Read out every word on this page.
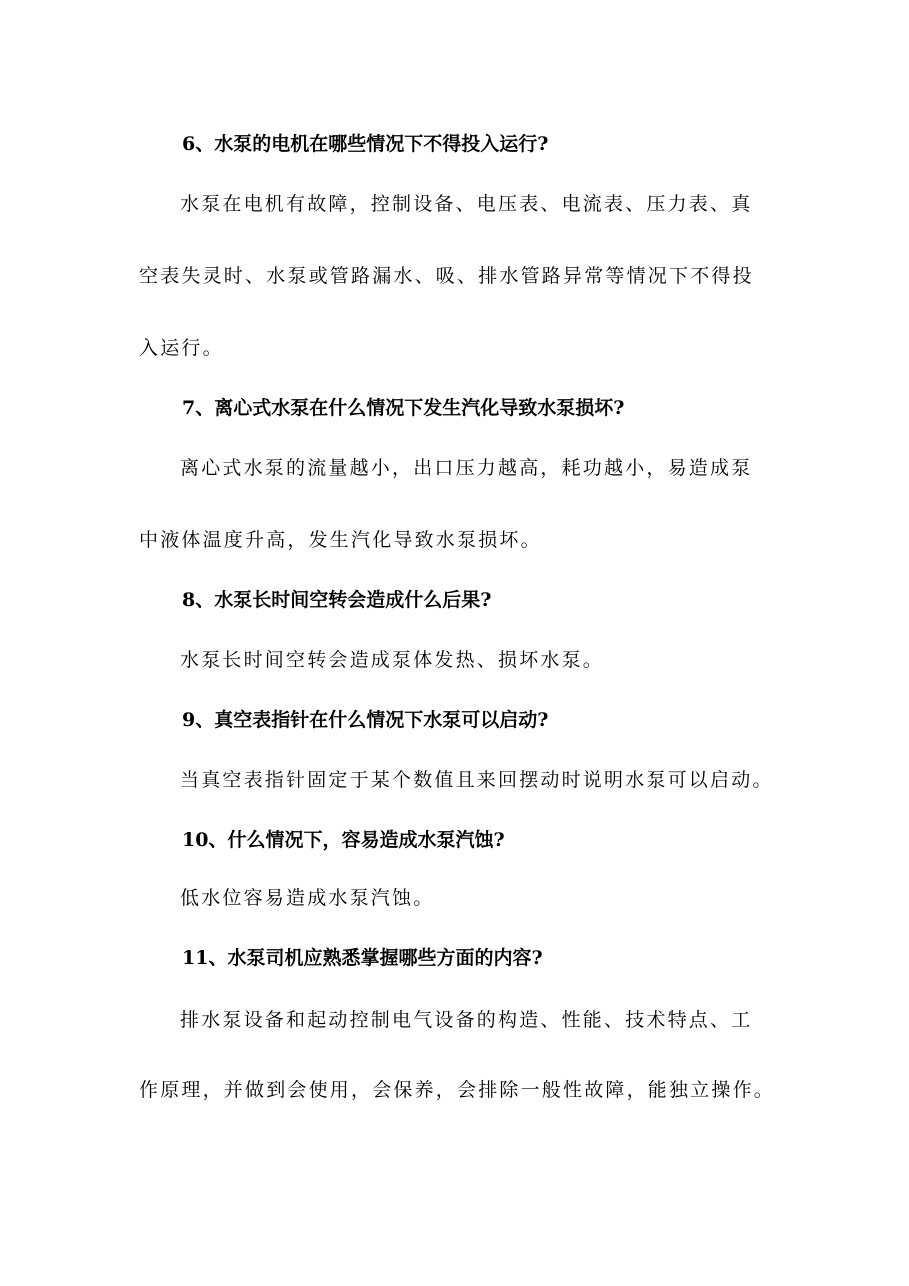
6、水泵的电机在哪些情况下不得投入运行?
水泵在电机有故障，控制设备、电压表、电流表、压力表、真
空表失灵时、水泵或管路漏水、吸、排水管路异常等情况下不得投
入运行。
7、离心式水泵在什么情况下发生汽化导致水泵损坏?
离心式水泵的流量越小，出口压力越高，耗功越小，易造成泵
中液体温度升高，发生汽化导致水泵损坏。
8、水泵长时间空转会造成什么后果?
水泵长时间空转会造成泵体发热、损坏水泵。
9、真空表指针在什么情况下水泵可以启动?
当真空表指针固定于某个数值且来回摆动时说明水泵可以启动。
10、什么情况下，容易造成水泵汽蚀?
低水位容易造成水泵汽蚀。
11、水泵司机应熟悉掌握哪些方面的内容?
排水泵设备和起动控制电气设备的构造、性能、技术特点、工
作原理，并做到会使用，会保养，会排除一般性故障，能独立操作。
